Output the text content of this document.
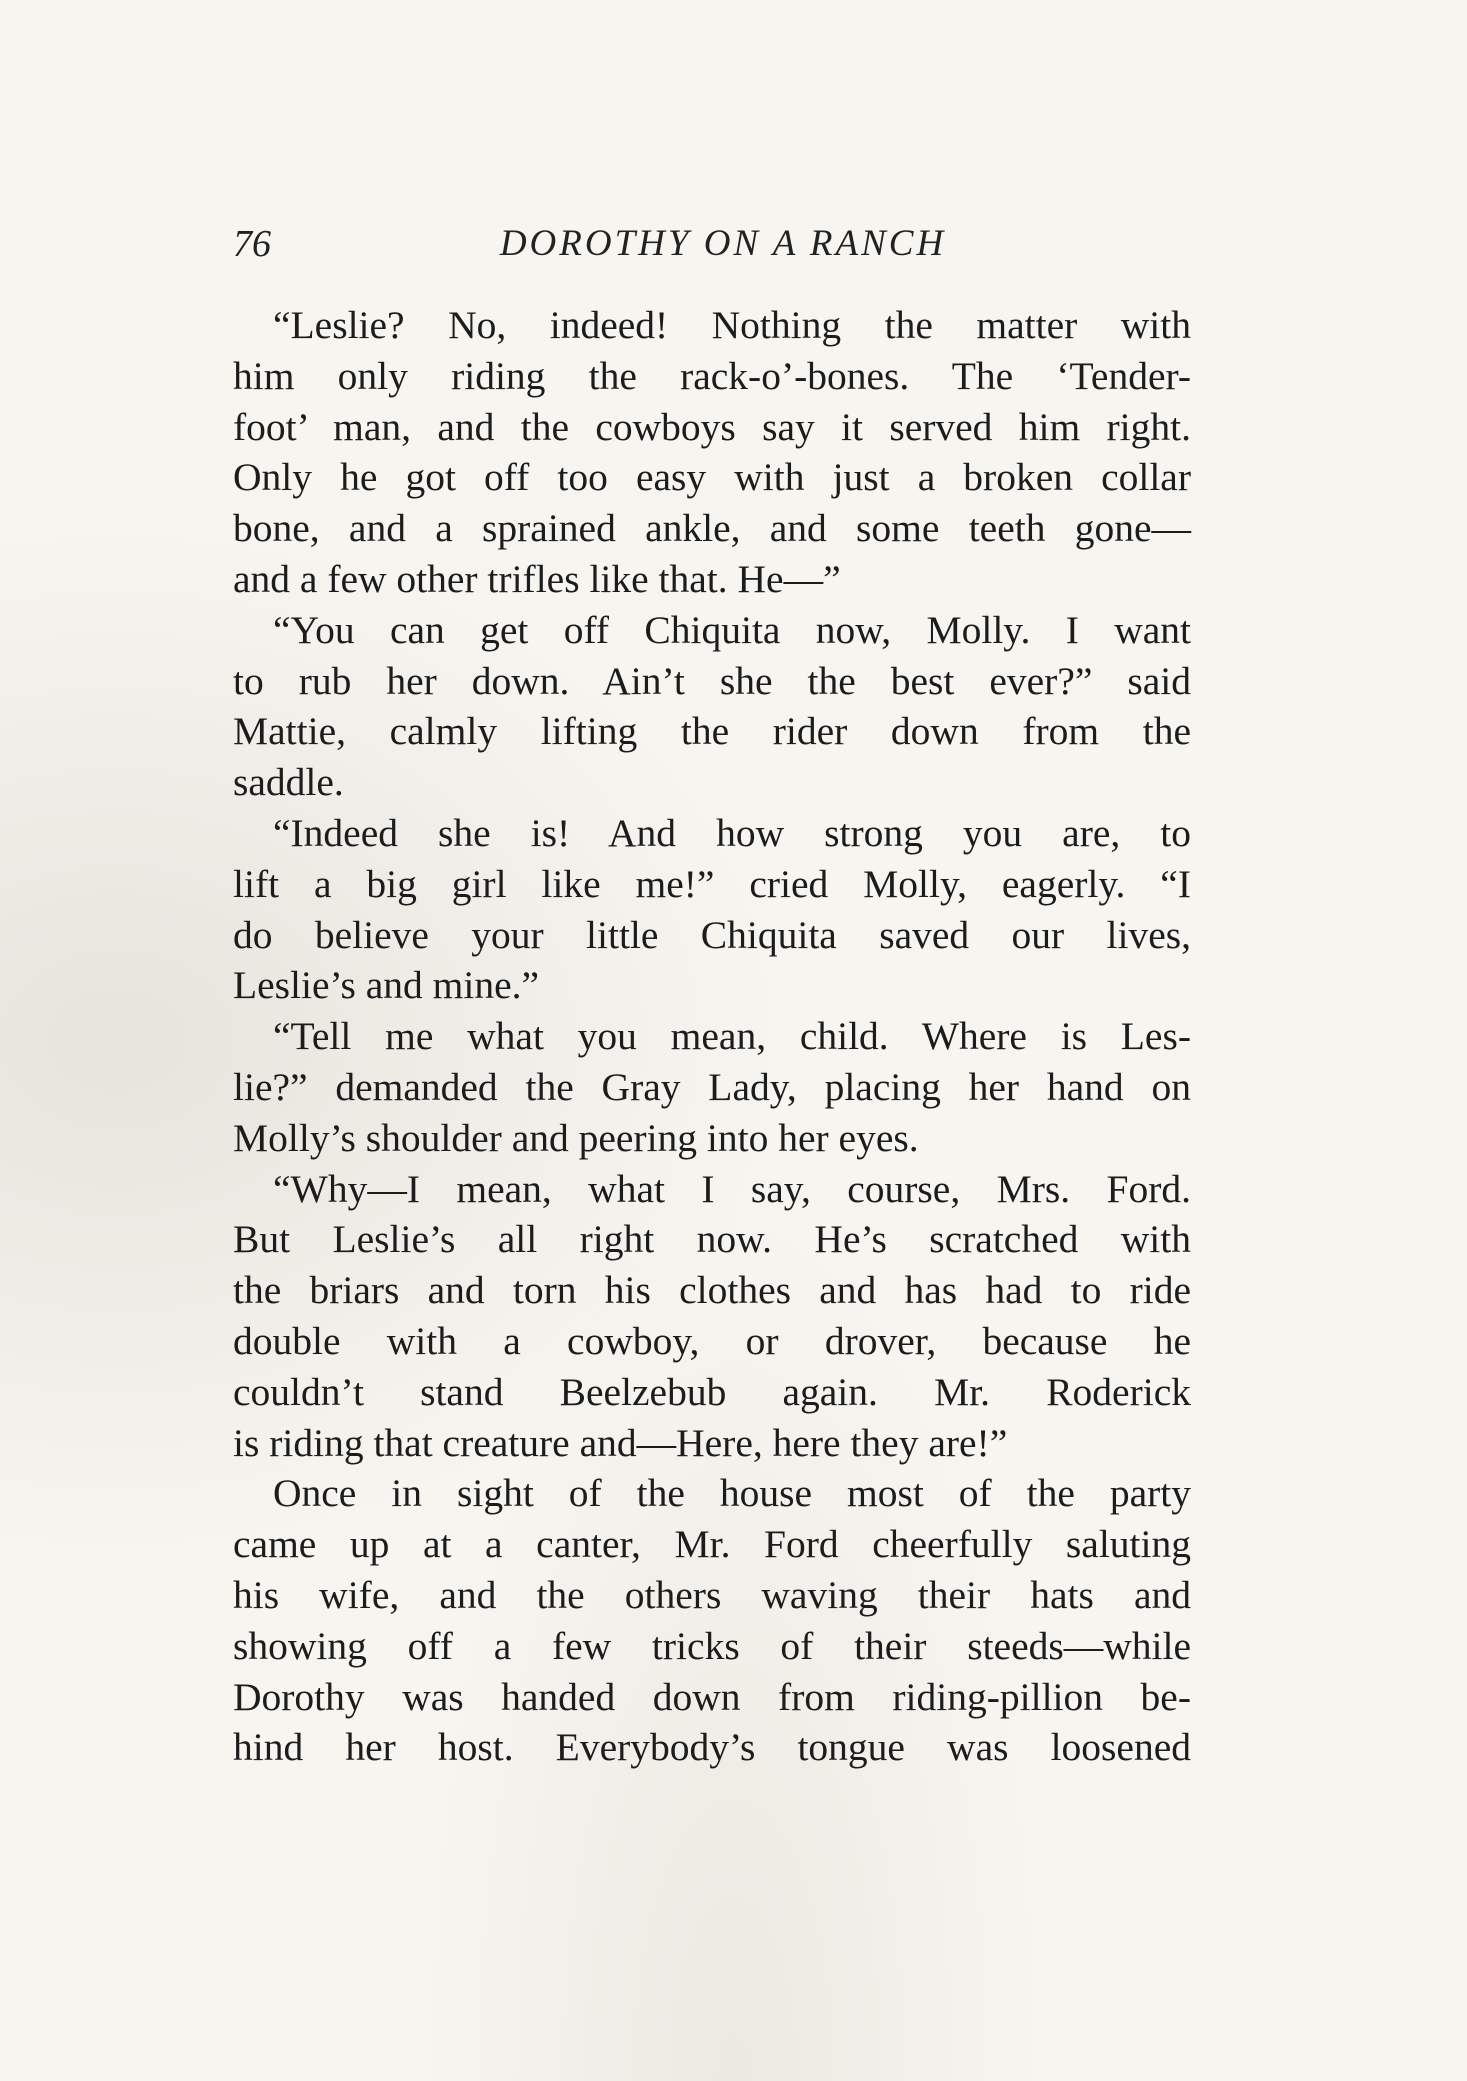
76	DOROTHY ON A RANCH
“Leslie? No, indeed! Nothing the matter with
him only riding the rack-o’-bones. The ‘Tender-
foot’ man, and the cowboys say it served him right.
Only he got off too easy with just a broken collar
bone, and a sprained ankle, and some teeth gone—
and a few other trifles like that. He—”
“You can get off Chiquita now, Molly. I want
to rub her down. Ain’t she the best ever?” said
Mattie, calmly lifting the rider down from the
saddle.
“Indeed she is! And how strong you are, to
lift a big girl like me!” cried Molly, eagerly. “I
do believe your little Chiquita saved our lives,
Leslie’s and mine.”
“Tell me what you mean, child. Where is Les-
lie?” demanded the Gray Lady, placing her hand on
Molly’s shoulder and peering into her eyes.
“Why—I mean, what I say, course, Mrs. Ford.
But Leslie’s all right now. He’s scratched with
the briars and torn his clothes and has had to ride
double with a cowboy, or drover, because he
couldn’t stand Beelzebub again. Mr. Roderick
is riding that creature and—Here, here they are!”
Once in sight of the house most of the party
came up at a canter, Mr. Ford cheerfully saluting
his wife, and the others waving their hats and
showing off a few tricks of their steeds—while
Dorothy was handed down from riding-pillion be-
hind her host. Everybody’s tongue was loosened
